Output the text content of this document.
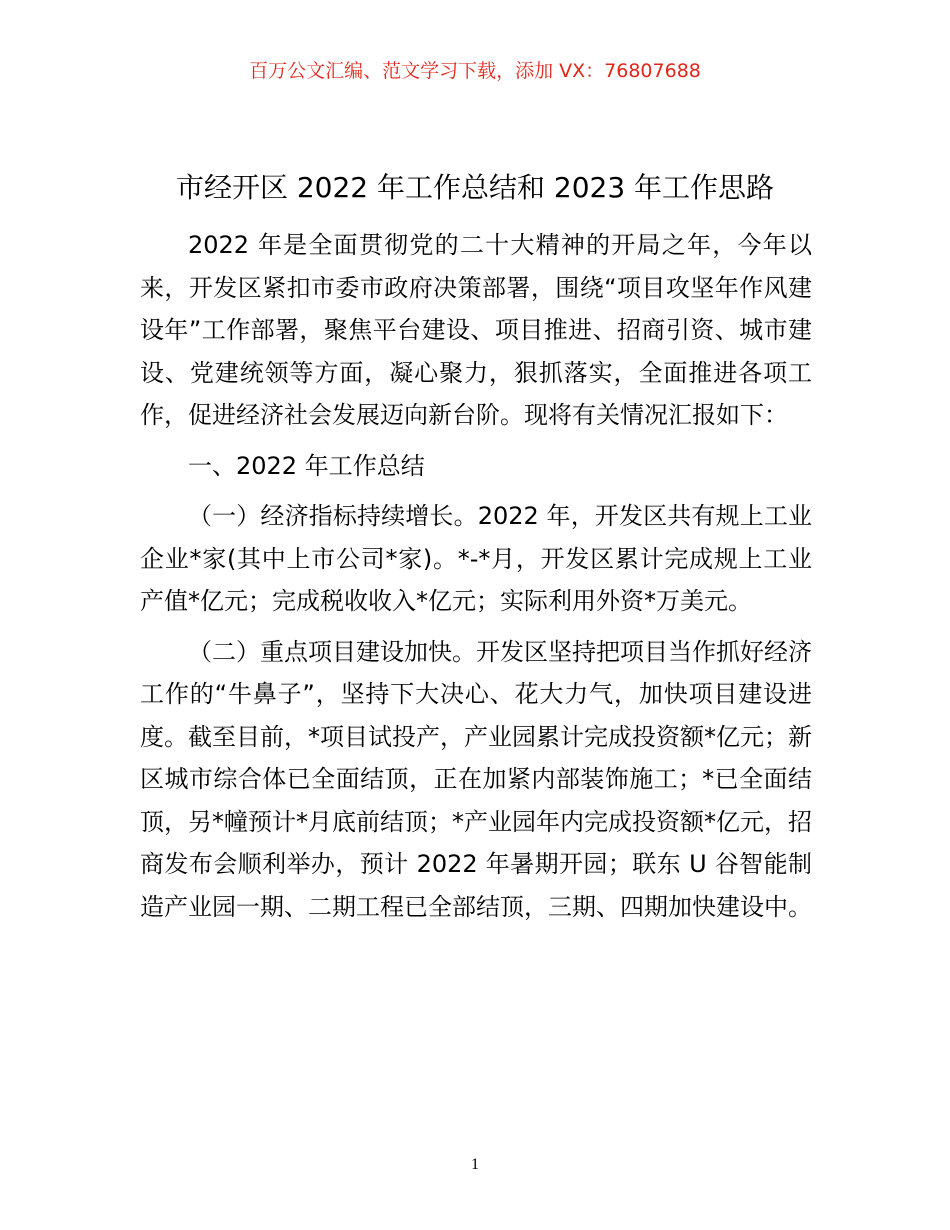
百万公文汇编、范文学习下载，添加 VX：76807688
市经开区 2022 年工作总结和 2023 年工作思路

2022 年是全面贯彻党的二十大精神的开局之年，今年以来，开发区紧扣市委市政府决策部署，围绕“项目攻坚年作风建设年”工作部署，聚焦平台建设、项目推进、招商引资、城市建设、党建统领等方面，凝心聚力，狠抓落实，全面推进各项工作，促进经济社会发展迈向新台阶。现将有关情况汇报如下：

一、2022 年工作总结

（一）经济指标持续增长。2022 年，开发区共有规上工业企业*家(其中上市公司*家)。*-*月，开发区累计完成规上工业产值*亿元；完成税收收入*亿元；实际利用外资*万美元。

（二）重点项目建设加快。开发区坚持把项目当作抓好经济工作的“牛鼻子”，坚持下大决心、花大力气，加快项目建设进度。截至目前，*项目试投产，产业园累计完成投资额*亿元；新区城市综合体已全面结顶，正在加紧内部装饰施工；*已全面结顶，另*幢预计*月底前结顶；*产业园年内完成投资额*亿元，招商发布会顺利举办，预计 2022 年暑期开园；联东 U 谷智能制造产业园一期、二期工程已全部结顶，三期、四期加快建设中。

1
